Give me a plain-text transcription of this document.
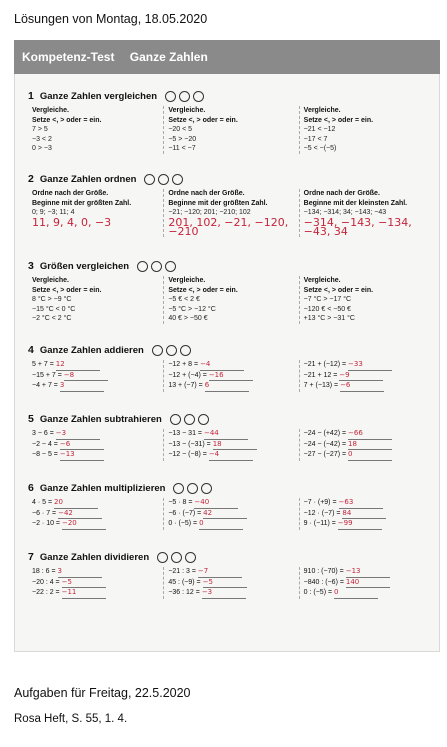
Lösungen von Montag, 18.05.2020
Kompetenz-Test Ganze Zahlen
1 Ganze Zahlen vergleichen
Vergleiche.
Setze <, > oder = ein.
7 > 5
−3 < 2
0 > −3
Vergleiche.
Setze <, > oder = ein.
−20 < 5
−5 > −20
−11 < −7
Vergleiche.
Setze <, > oder = ein.
−21 < −12
−17 < 7
−5 < −(−5)
2 Ganze Zahlen ordnen
Ordne nach der Größe.
Beginne mit der größten Zahl.
0; 9; −3; 11; 4
11, 9, 4, 0, −3
Ordne nach der Größe.
Beginne mit der größten Zahl.
−21; −120; 201; −210; 102
201, 102, −21, −120, −210
Ordne nach der Größe.
Beginne mit der kleinsten Zahl.
−134; −314; 34; −143; −43
−314, −143, −134, −43, 34
3 Größen vergleichen
Vergleiche.
Setze <, > oder = ein.
8 °C > −9 °C
−15 °C < 0 °C
−2 °C < 2 °C
Vergleiche.
Setze <, > oder = ein.
−5 € < 2 €
−5 °C > −12 °C
40 € > −50 €
Vergleiche.
Setze <, > oder = ein.
−7 °C > −17 °C
−120 € < −50 €
+13 °C > −31 °C
4 Ganze Zahlen addieren
5 + 7 = 12
−15 + 7 = −8
−4 + 7 = 3
−12 + 8 = −4
−12 + (−4) = −16
13 + (−7) = 6
−21 + (−12) = −33
−21 + 12 = −9
7 + (−13) = −6
5 Ganze Zahlen subtrahieren
3 − 6 = −3
−2 − 4 = −6
−8 − 5 = −13
−13 − 31 = −44
−13 − (−31) = 18
−12 − (−8) = −4
−24 − (+42) = −66
−24 − (−42) = 18
−27 − (−27) = 0
6 Ganze Zahlen multiplizieren
4 · 5 = 20
−6 · 7 = −42
−2 · 10 = −20
−5 · 8 = −40
−6 · (−7) = 42
0 · (−5) = 0
−7 · (+9) = −63
−12 · (−7) = 84
9 · (−11) = −99
7 Ganze Zahlen dividieren
18 : 6 = 3
−20 : 4 = −5
−22 : 2 = −11
−21 : 3 = −7
45 : (−9) = −5
−36 : 12 = −3
910 : (−70) = −13
−840 : (−6) = 140
0 : (−5) = 0
Aufgaben für Freitag, 22.5.2020
Rosa Heft, S. 55, 1. 4.
